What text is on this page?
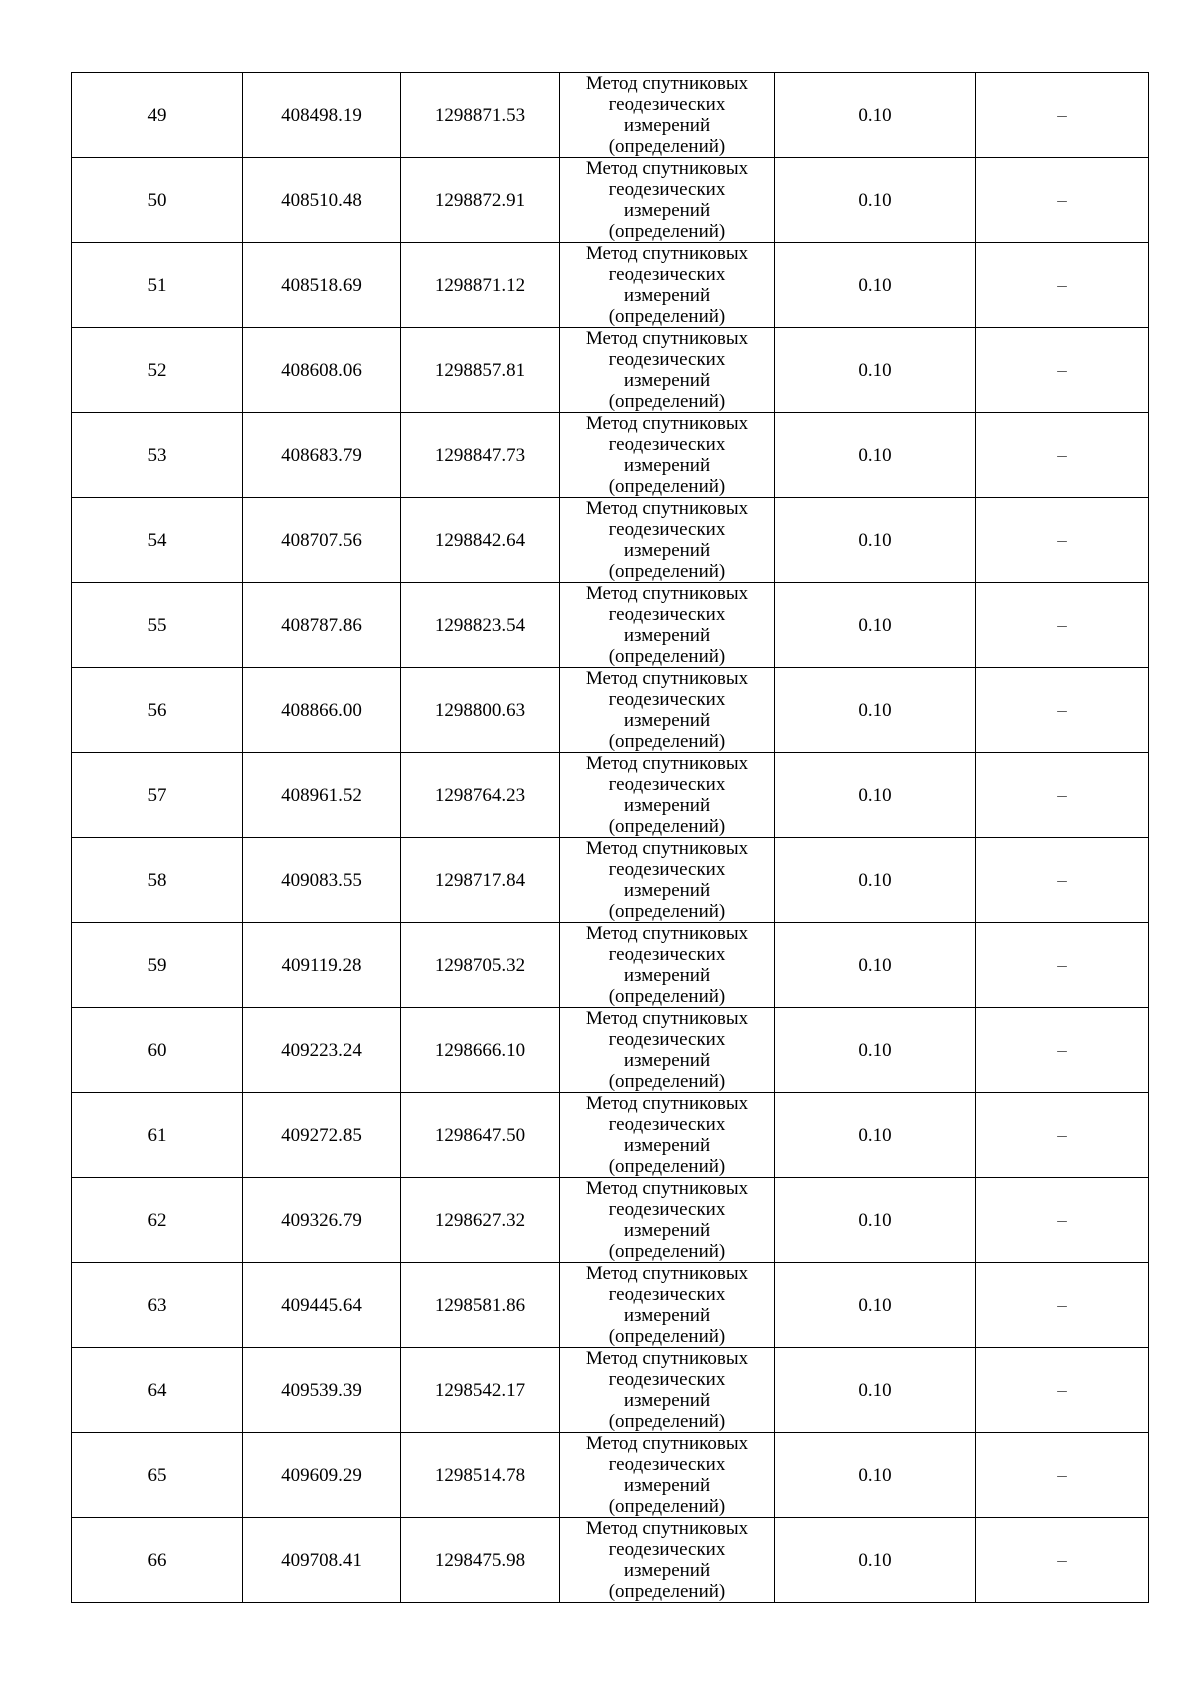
49	408498.19	1298871.53	Метод спутниковых
геодезических
измерений
(определений)	0.10	–
50	408510.48	1298872.91	Метод спутниковых
геодезических
измерений
(определений)	0.10	–
51	408518.69	1298871.12	Метод спутниковых
геодезических
измерений
(определений)	0.10	–
52	408608.06	1298857.81	Метод спутниковых
геодезических
измерений
(определений)	0.10	–
53	408683.79	1298847.73	Метод спутниковых
геодезических
измерений
(определений)	0.10	–
54	408707.56	1298842.64	Метод спутниковых
геодезических
измерений
(определений)	0.10	–
55	408787.86	1298823.54	Метод спутниковых
геодезических
измерений
(определений)	0.10	–
56	408866.00	1298800.63	Метод спутниковых
геодезических
измерений
(определений)	0.10	–
57	408961.52	1298764.23	Метод спутниковых
геодезических
измерений
(определений)	0.10	–
58	409083.55	1298717.84	Метод спутниковых
геодезических
измерений
(определений)	0.10	–
59	409119.28	1298705.32	Метод спутниковых
геодезических
измерений
(определений)	0.10	–
60	409223.24	1298666.10	Метод спутниковых
геодезических
измерений
(определений)	0.10	–
61	409272.85	1298647.50	Метод спутниковых
геодезических
измерений
(определений)	0.10	–
62	409326.79	1298627.32	Метод спутниковых
геодезических
измерений
(определений)	0.10	–
63	409445.64	1298581.86	Метод спутниковых
геодезических
измерений
(определений)	0.10	–
64	409539.39	1298542.17	Метод спутниковых
геодезических
измерений
(определений)	0.10	–
65	409609.29	1298514.78	Метод спутниковых
геодезических
измерений
(определений)	0.10	–
66	409708.41	1298475.98	Метод спутниковых
геодезических
измерений
(определений)	0.10	–
